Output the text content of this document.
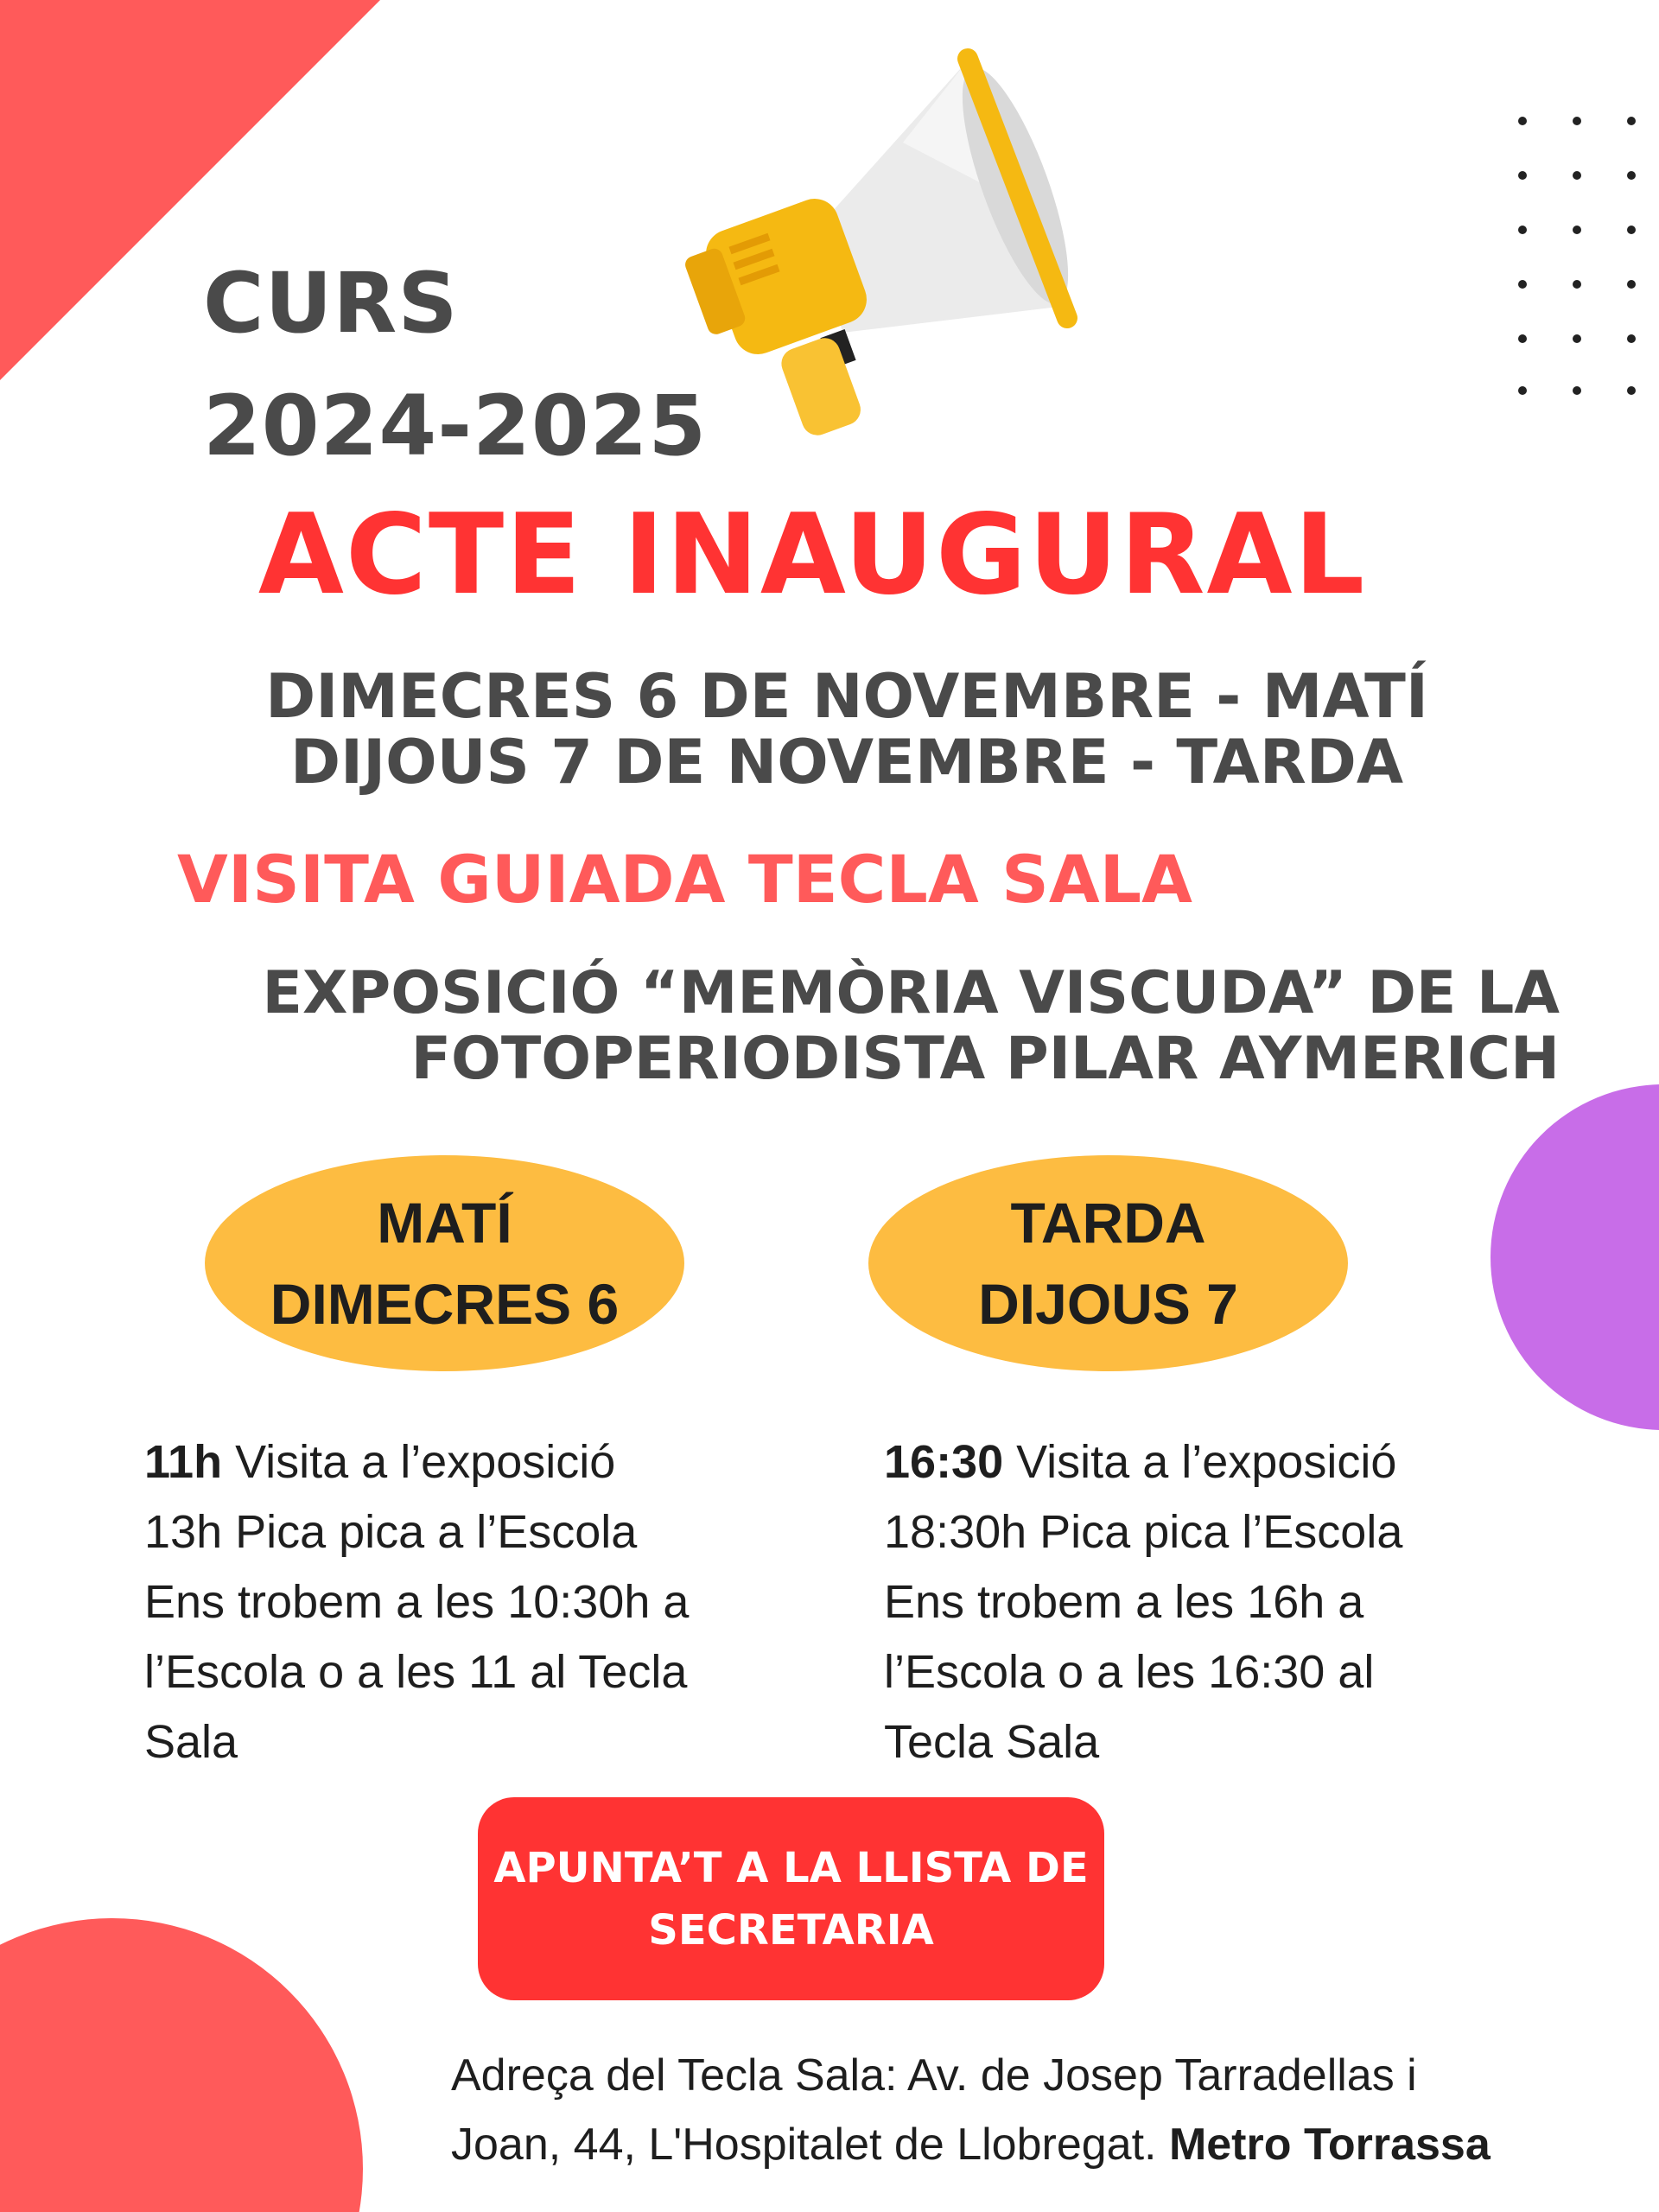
CURS
2024-2025
ACTE INAUGURAL
DIMECRES 6 DE NOVEMBRE - MATÍ
DIJOUS 7 DE NOVEMBRE - TARDA
VISITA GUIADA TECLA SALA
EXPOSICIÓ “MEMÒRIA VISCUDA” DE LA
FOTOPERIODISTA PILAR AYMERICH
MATÍ
DIMECRES 6
TARDA
DIJOUS 7
11h Visita a l’exposició
13h Pica pica a l’Escola
Ens trobem a les 10:30h a
l’Escola o a les 11 al Tecla
Sala
16:30 Visita a l’exposició
18:30h Pica pica l’Escola
Ens trobem a les 16h a
l’Escola o a les 16:30 al
Tecla Sala
APUNTA’T A LA LLISTA DE
SECRETARIA
Adreça del Tecla Sala: Av. de Josep Tarradellas i
Joan, 44, L'Hospitalet de Llobregat. Metro Torrassa
